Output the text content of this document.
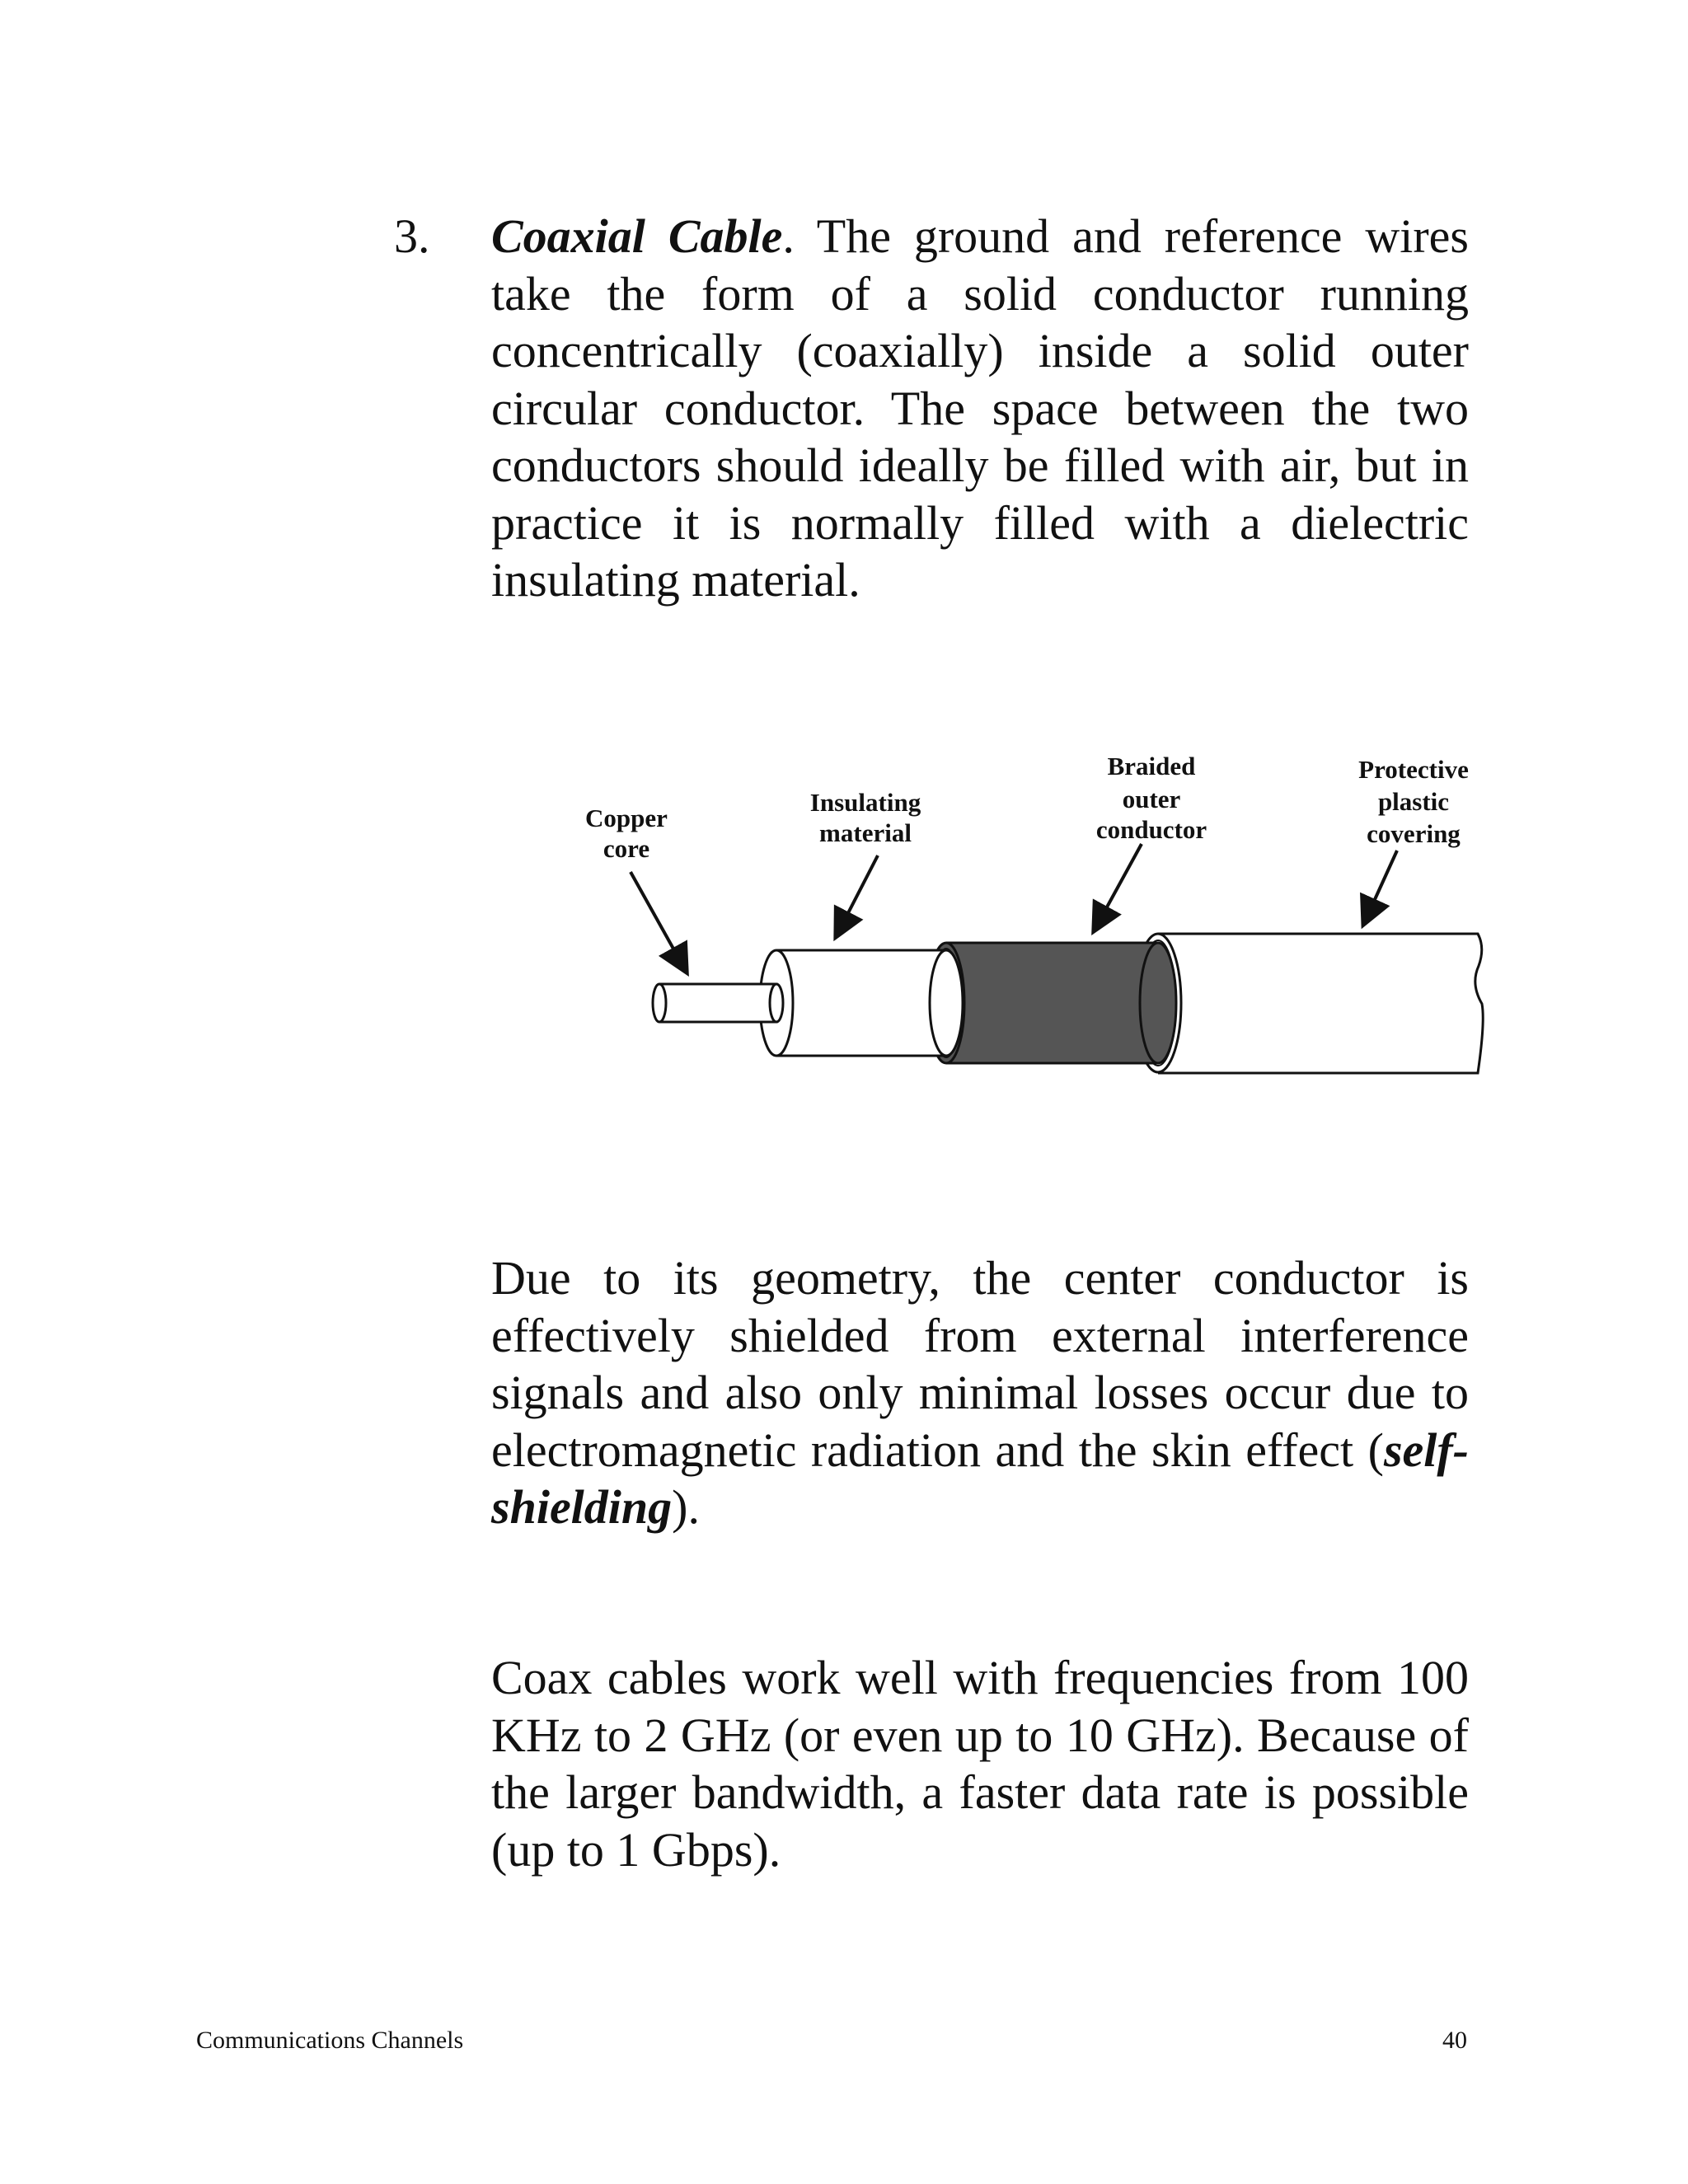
3. Coaxial Cable. The ground and reference wires take the form of a solid conductor running concentrically (coaxially) inside a solid outer circular conductor. The space between the two conductors should ideally be filled with air, but in practice it is normally filled with a dielectric insulating material.

Copper
core
Insulating
material
Braided
outer
conductor
Protective
plastic
covering

Due to its geometry, the center conductor is effectively shielded from external interference signals and also only minimal losses occur due to electromagnetic radiation and the skin effect (self-shielding).

Coax cables work well with frequencies from 100 KHz to 2 GHz (or even up to 10 GHz). Because of the larger bandwidth, a faster data rate is possible (up to 1 Gbps).

Communications Channels	40
